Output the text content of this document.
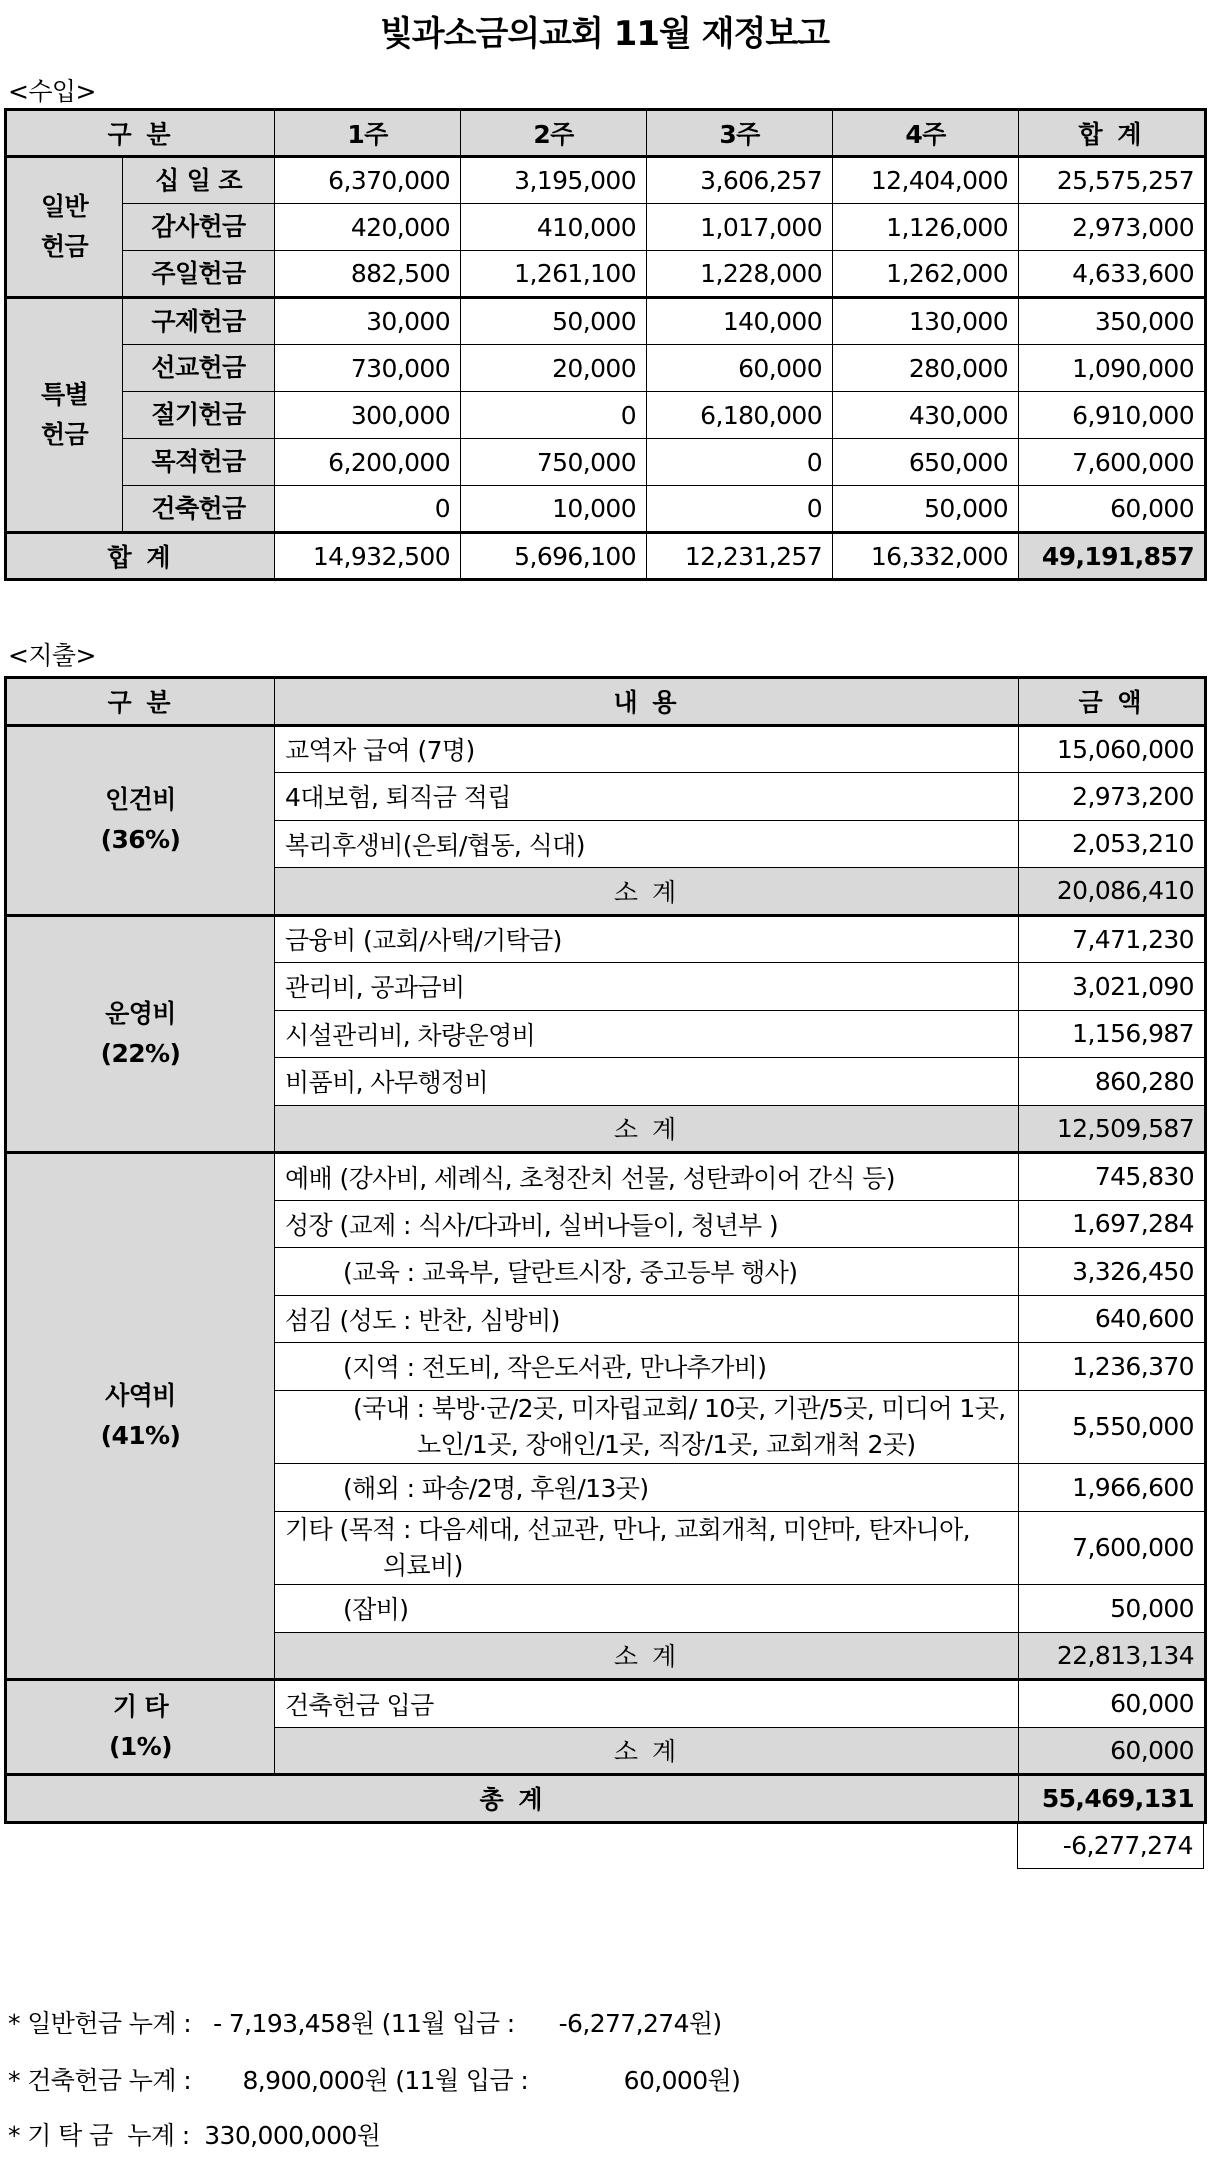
빛과소금의교회 11월 재정보고
<수입>
구 분		1주	2주	3주	4주	합 계

일반
헌금	십 일 조	6,370,000	3,195,000	3,606,257	12,404,000	25,575,257
	감사헌금	420,000	410,000	1,017,000	1,126,000	2,973,000
	주일헌금	882,500	1,261,100	1,228,000	1,262,000	4,633,600

특별
헌금	구제헌금	30,000	50,000	140,000	130,000	350,000
	선교헌금	730,000	20,000	60,000	280,000	1,090,000
	절기헌금	300,000	0	6,180,000	430,000	6,910,000
	목적헌금	6,200,000	750,000	0	650,000	7,600,000
	건축헌금	0	10,000	0	50,000	60,000
합 계		14,932,500	5,696,100	12,231,257	16,332,000	49,191,857
<지출>
구 분	내 용	금 액

인건비
(36%)	교역자 급여 (7명)	15,060,000

	4대보험, 퇴직금 적립	2,973,200

	복리후생비(은퇴/협동, 식대)	2,053,210
	소 계	20,086,410

운영비
(22%)	금융비 (교회/사택/기탁금)	7,471,230

	관리비, 공과금비	3,021,090

	시설관리비, 차량운영비	1,156,987

	비품비, 사무행정비	860,280
	소 계	12,509,587

사역비
(41%)	예배 (강사비, 세례식, 초청잔치 선물, 성탄콰이어 간식 등)	745,830

	성장 (교제 : 식사/다과비, 실버나들이, 청년부 )	1,697,284

	(교육 : 교육부, 달란트시장, 중고등부 행사)	3,326,450

	섬김 (성도 : 반찬, 심방비)	640,600

	(지역 : 전도비, 작은도서관, 만나추가비)	1,236,370

	(국내 : 북방·군/2곳, 미자립교회/ 10곳, 기관/5곳, 미디어 1곳,
노인/1곳, 장애인/1곳, 직장/1곳, 교회개척 2곳)	5,550,000

	(해외 : 파송/2명, 후원/13곳)	1,966,600

	기타 (목적 : 다음세대, 선교관, 만나, 교회개척, 미얀마, 탄자니아,
의료비)	7,600,000

	(잡비)	50,000
	소 계	22,813,134

기 타
(1%)	건축헌금 입금	60,000
	소 계	60,000
총 계		55,469,131
* 일반헌금 누계 :   - 7,193,458원 (11월 입금 :      -6,277,274원)
* 건축헌금 누계 :       8,900,000원 (11월 입금 :             60,000원)
* 기 탁 금  누계 :  330,000,000원
-6,277,274
